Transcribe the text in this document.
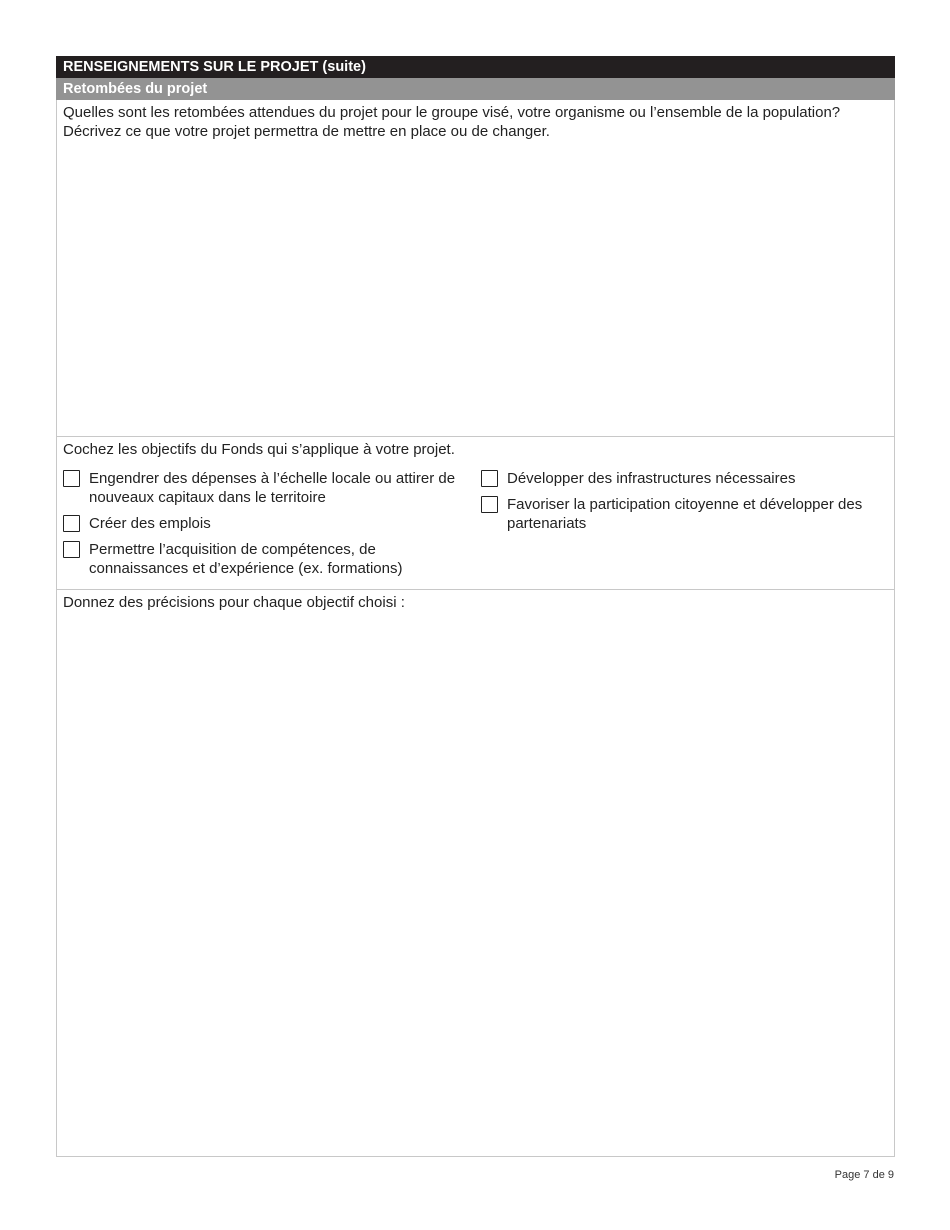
RENSEIGNEMENTS SUR LE PROJET (suite)
Retombées du projet

Quelles sont les retombées attendues du projet pour le groupe visé, votre organisme ou l’ensemble de la population?

Décrivez ce que votre projet permettra de mettre en place ou de changer.

Cochez les objectifs du Fonds qui s’applique à votre projet.
Engendrer des dépenses à l’échelle locale ou attirer de nouveaux capitaux dans le territoire
Créer des emplois
Permettre l’acquisition de compétences, de connaissances et d’expérience (ex. formations)
Développer des infrastructures nécessaires
Favoriser la participation citoyenne et développer des partenariats
Donnez des précisions pour chaque objectif choisi :
Page 7 de 9
